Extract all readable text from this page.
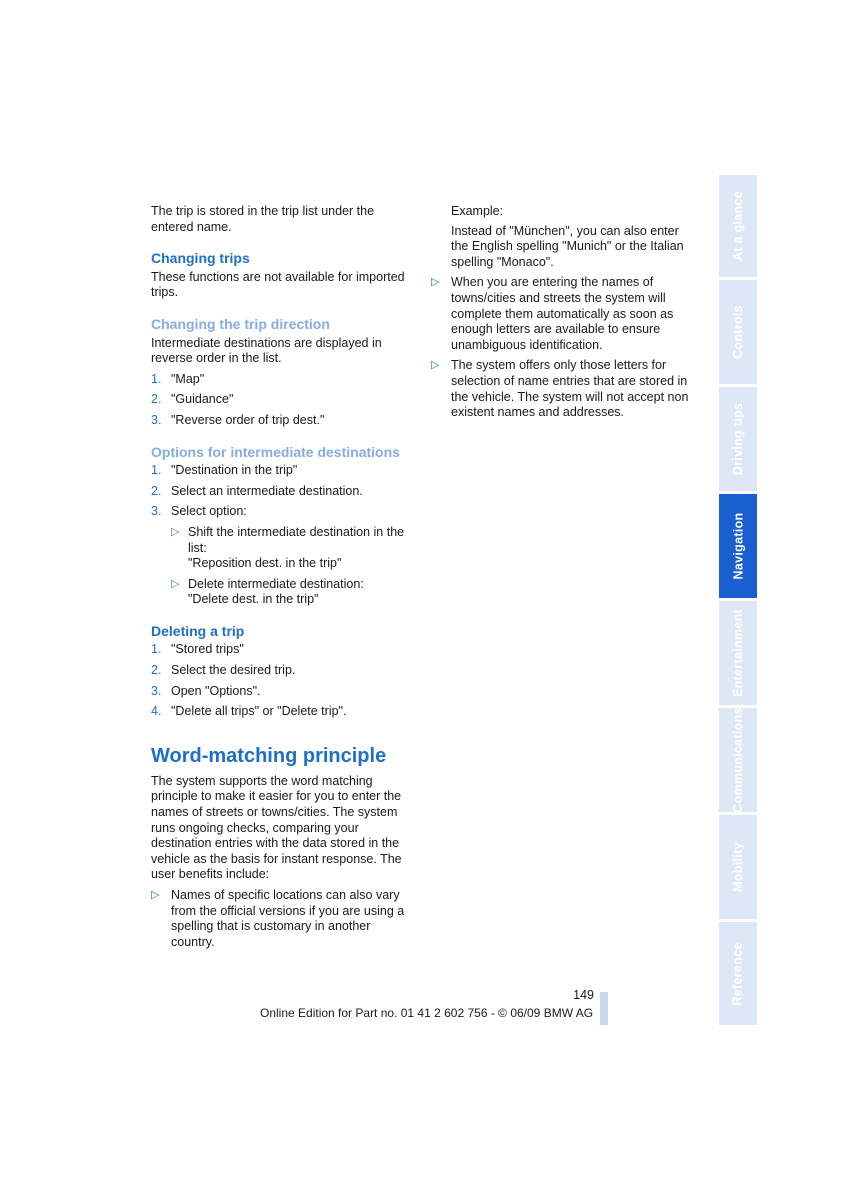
The trip is stored in the trip list under the entered name.

Changing trips

These functions are not available for imported trips.

Changing the trip direction

Intermediate destinations are displayed in reverse order in the list.

1. "Map"
2. "Guidance"
3. "Reverse order of trip dest."
Options for intermediate destinations
1. "Destination in the trip"
2. Select an intermediate destination.
3. Select option:
▷ Shift the intermediate destination in the list:
"Reposition dest. in the trip"
▷ Delete intermediate destination:
"Delete dest. in the trip"
Deleting a trip
1. "Stored trips"
2. Select the desired trip.
3. Open "Options".
4. "Delete all trips" or "Delete trip".
Word-matching principle

The system supports the word matching principle to make it easier for you to enter the names of streets or towns/cities. The system runs ongoing checks, comparing your destination entries with the data stored in the vehicle as the basis for instant response. The user benefits include:

▷ Names of specific locations can also vary from the official versions if you are using a spelling that is customary in another country.

Example:

Instead of "München", you can also enter the English spelling "Munich" or the Italian spelling "Monaco".

▷ When you are entering the names of towns/cities and streets the system will complete them automatically as soon as enough letters are available to ensure unambiguous identification.
▷ The system offers only those letters for selection of name entries that are stored in the vehicle. The system will not accept non existent names and addresses.
At a glance
Controls
Driving tips
Navigation
Entertainment
Communications
Mobility
Reference
149
Online Edition for Part no. 01 41 2 602 756 - © 06/09 BMW AG
